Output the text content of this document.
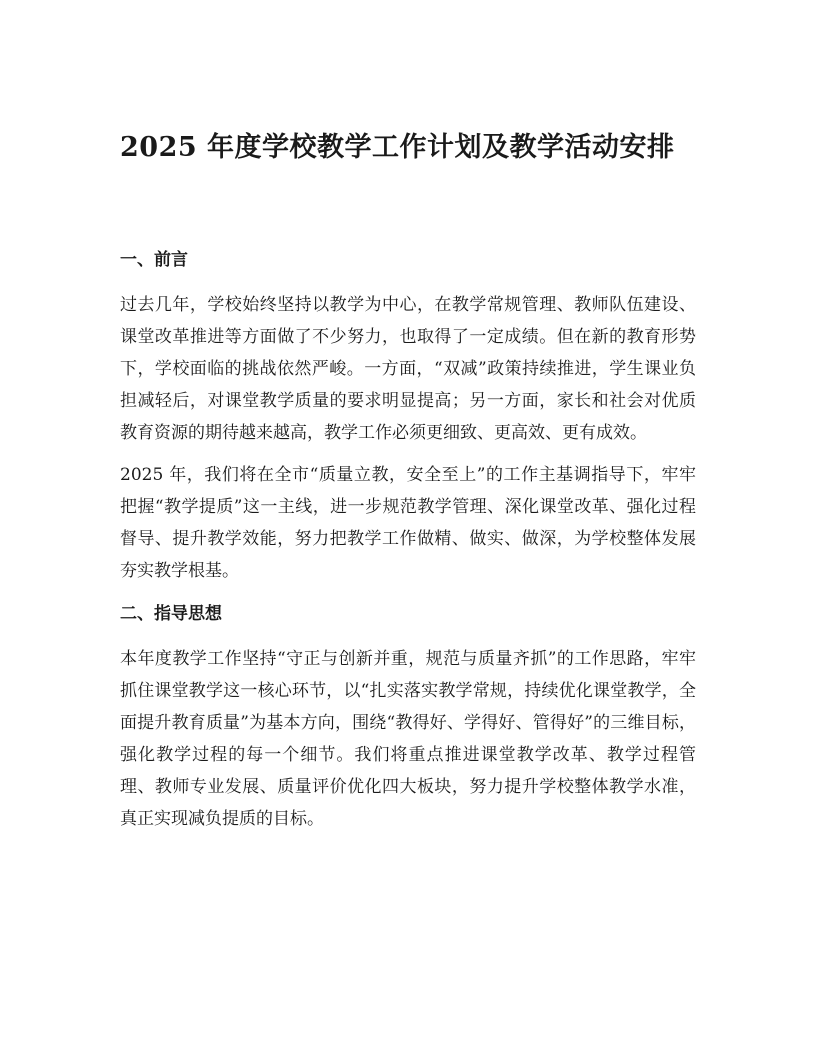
2025 年度学校教学工作计划及教学活动安排
一、前言

过去几年，学校始终坚持以教学为中心，在教学常规管理、教师队伍建设、课堂改革推进等方面做了不少努力，也取得了一定成绩。但在新的教育形势下，学校面临的挑战依然严峻。一方面，“双减”政策持续推进，学生课业负担减轻后，对课堂教学质量的要求明显提高；另一方面，家长和社会对优质教育资源的期待越来越高，教学工作必须更细致、更高效、更有成效。

2025 年，我们将在全市“质量立教，安全至上”的工作主基调指导下，牢牢把握“教学提质”这一主线，进一步规范教学管理、深化课堂改革、强化过程督导、提升教学效能，努力把教学工作做精、做实、做深，为学校整体发展夯实教学根基。

二、指导思想

本年度教学工作坚持“守正与创新并重，规范与质量齐抓”的工作思路，牢牢抓住课堂教学这一核心环节，以“扎实落实教学常规，持续优化课堂教学，全面提升教育质量”为基本方向，围绕“教得好、学得好、管得好”的三维目标，强化教学过程的每一个细节。我们将重点推进课堂教学改革、教学过程管理、教师专业发展、质量评价优化四大板块，努力提升学校整体教学水准，真正实现减负提质的目标。
